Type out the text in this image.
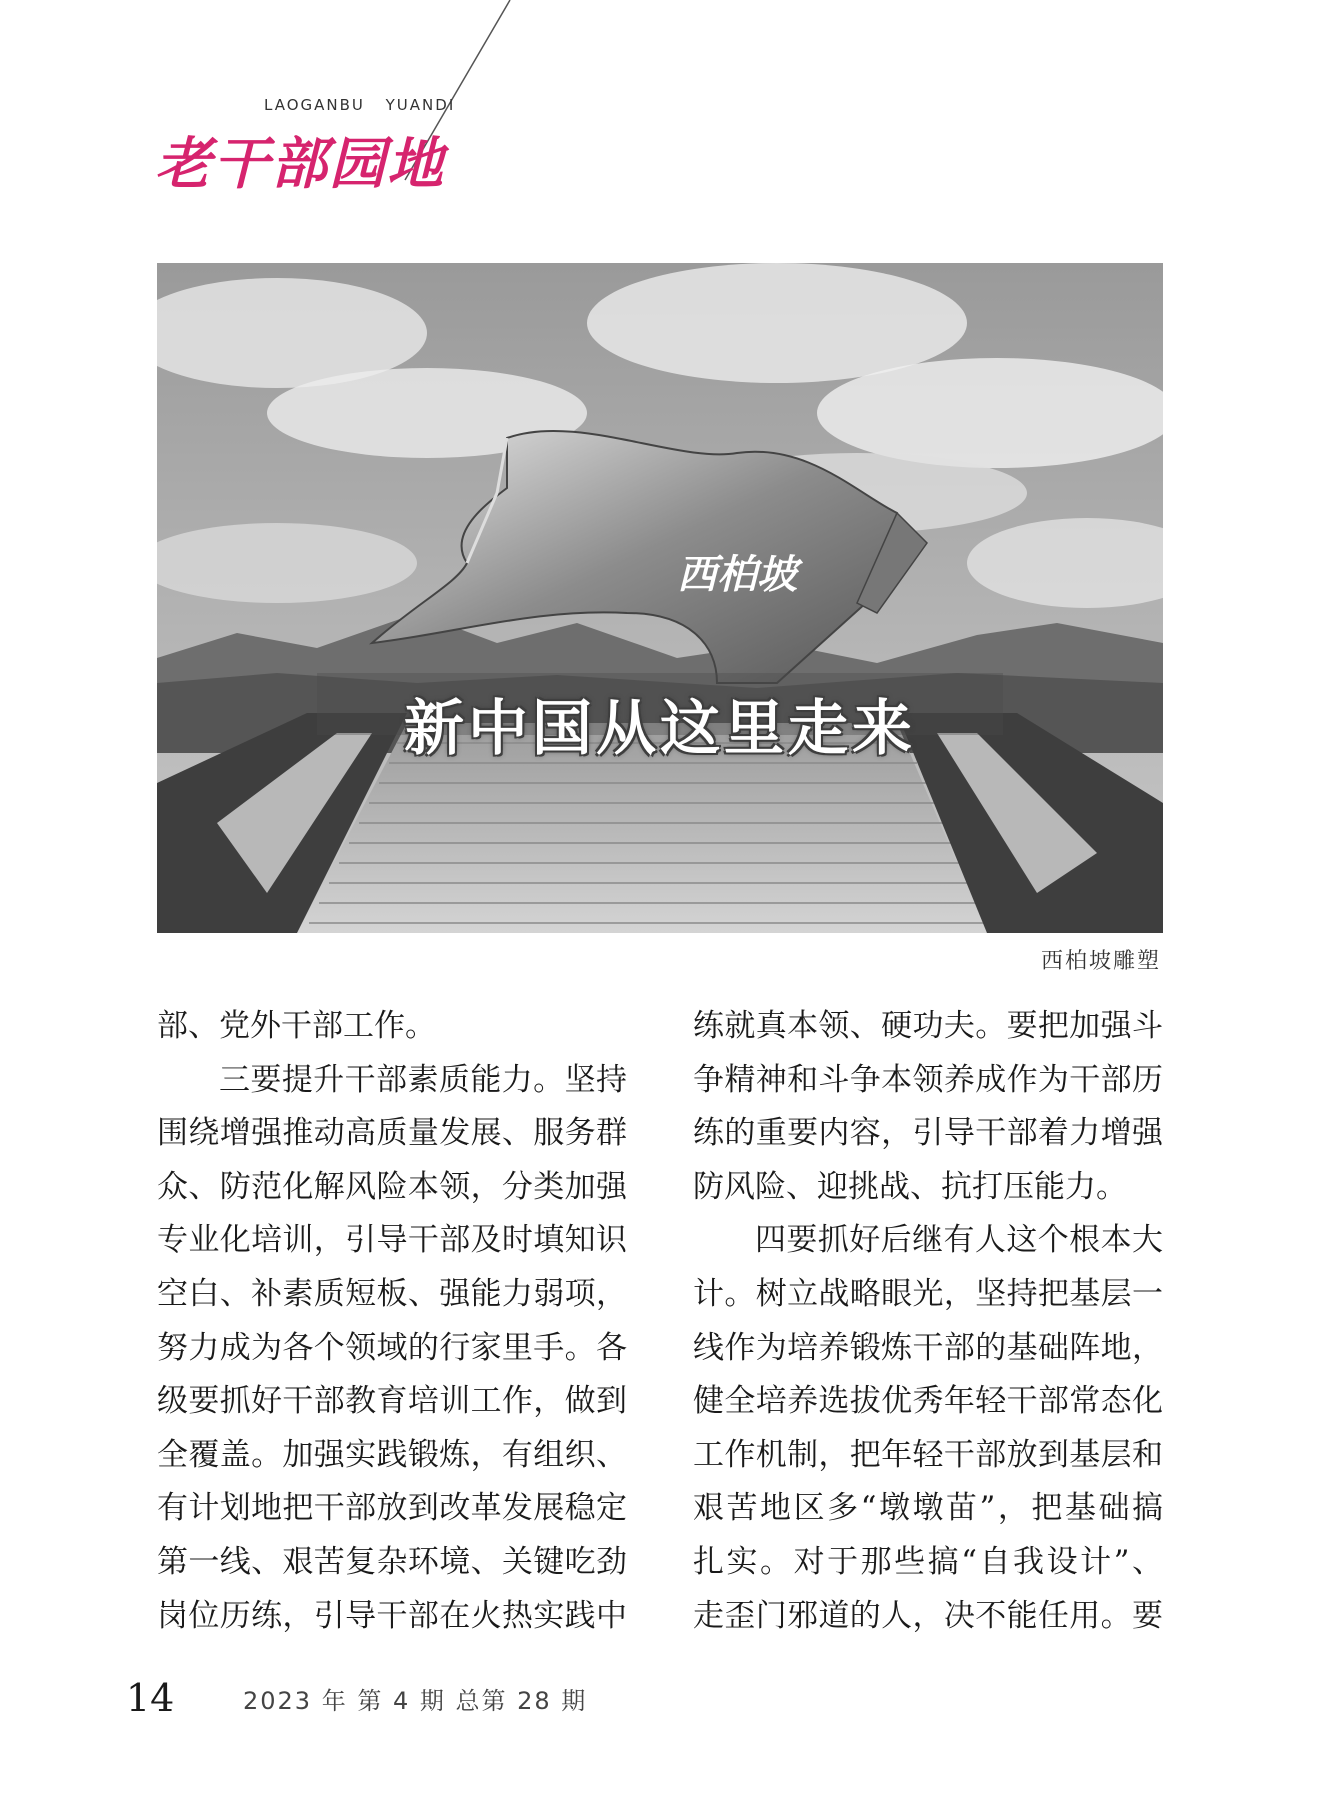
LAOGANBU YUANDI
老干部园地
西柏坡
新中国从这里走来
西柏坡雕塑
部、党外干部工作。
三要提升干部素质能力。坚持
围绕增强推动高质量发展、服务群
众、防范化解风险本领，分类加强
专业化培训，引导干部及时填知识
空白、补素质短板、强能力弱项，
努力成为各个领域的行家里手。各
级要抓好干部教育培训工作，做到
全覆盖。加强实践锻炼，有组织、
有计划地把干部放到改革发展稳定
第一线、艰苦复杂环境、关键吃劲
岗位历练，引导干部在火热实践中
练就真本领、硬功夫。要把加强斗
争精神和斗争本领养成作为干部历
练的重要内容，引导干部着力增强
防风险、迎挑战、抗打压能力。
四要抓好后继有人这个根本大
计。树立战略眼光，坚持把基层一
线作为培养锻炼干部的基础阵地，
健全培养选拔优秀年轻干部常态化
工作机制，把年轻干部放到基层和
艰苦地区多“墩墩苗”，把基础搞
扎实。对于那些搞“自我设计”、
走歪门邪道的人，决不能任用。要
14	2023 年 第 4 期 总第 28 期
